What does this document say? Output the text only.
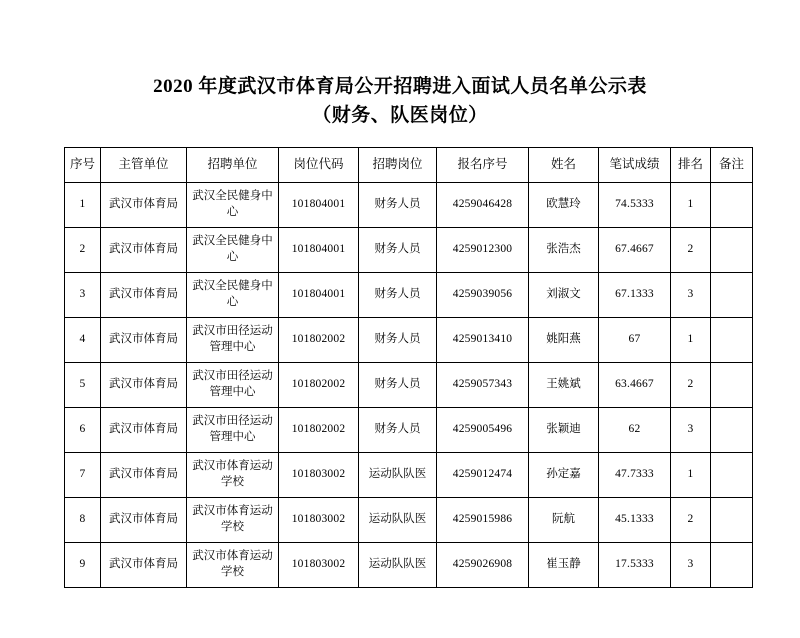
2020 年度武汉市体育局公开招聘进入面试人员名单公示表
（财务、队医岗位）
序号	主管单位	招聘单位	岗位代码	招聘岗位	报名序号	姓名	笔试成绩	排名	备注
1	武汉市体育局	武汉全民健身中心	101804001	财务人员	4259046428	欧慧玲	74.5333	1	
2	武汉市体育局	武汉全民健身中心	101804001	财务人员	4259012300	张浩杰	67.4667	2	
3	武汉市体育局	武汉全民健身中心	101804001	财务人员	4259039056	刘淑文	67.1333	3	
4	武汉市体育局	武汉市田径运动管理中心	101802002	财务人员	4259013410	姚阳燕	67	1	
5	武汉市体育局	武汉市田径运动管理中心	101802002	财务人员	4259057343	王姚斌	63.4667	2	
6	武汉市体育局	武汉市田径运动管理中心	101802002	财务人员	4259005496	张颖迪	62	3	
7	武汉市体育局	武汉市体育运动学校	101803002	运动队队医	4259012474	孙定嘉	47.7333	1	
8	武汉市体育局	武汉市体育运动学校	101803002	运动队队医	4259015986	阮航	45.1333	2	
9	武汉市体育局	武汉市体育运动学校	101803002	运动队队医	4259026908	崔玉静	17.5333	3	
